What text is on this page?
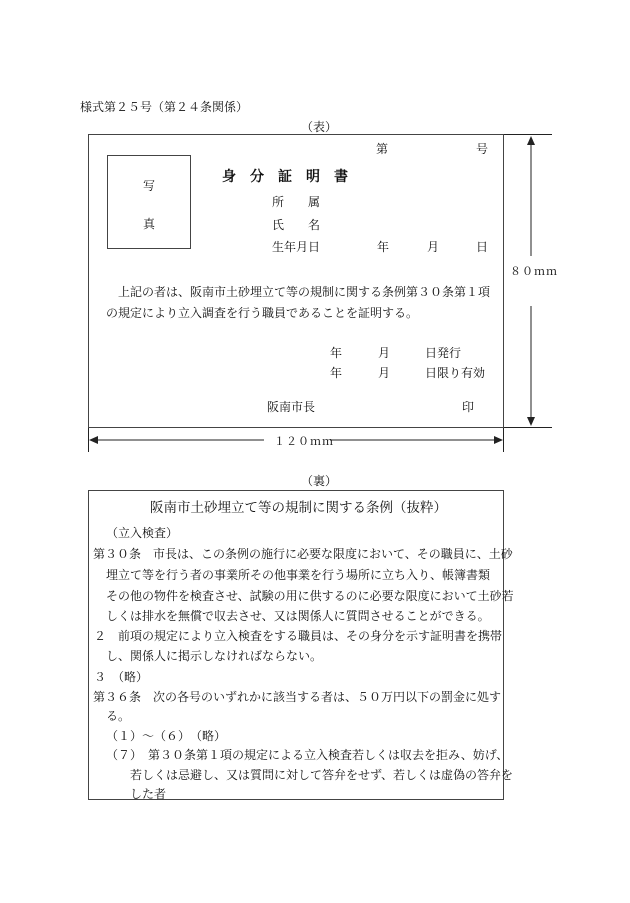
様式第２５号（第２４条関係）
（表）
第	号
写
真
身　分　証　明　書
所　　属
氏　　名
生年月日	年	月	日
上記の者は、阪南市土砂埋立て等の規制に関する条例第３０条第１項
の規定により立入調査を行う職員であることを証明する。
年	月	日発行
年	月	日限り有効
阪南市長	印
８０ｍｍ
１２０ｍｍ
（裏）
阪南市土砂埋立て等の規制に関する条例（抜粋）
（立入検査）
第３０条　市長は、この条例の施行に必要な限度において、その職員に、土砂
埋立て等を行う者の事業所その他事業を行う場所に立ち入り、帳簿書類
その他の物件を検査させ、試験の用に供するのに必要な限度において土砂若
しくは排水を無償で収去させ、又は関係人に質問させることができる。
２　前項の規定により立入検査をする職員は、その身分を示す証明書を携帯
し、関係人に掲示しなければならない。
３　（略）
第３６条　次の各号のいずれかに該当する者は、５０万円以下の罰金に処す
る。
（１）～（６）　（略）
（７）　第３０条第１項の規定による立入検査若しくは収去を拒み、妨げ、
若しくは忌避し、又は質問に対して答弁をせず、若しくは虚偽の答弁を
した者
